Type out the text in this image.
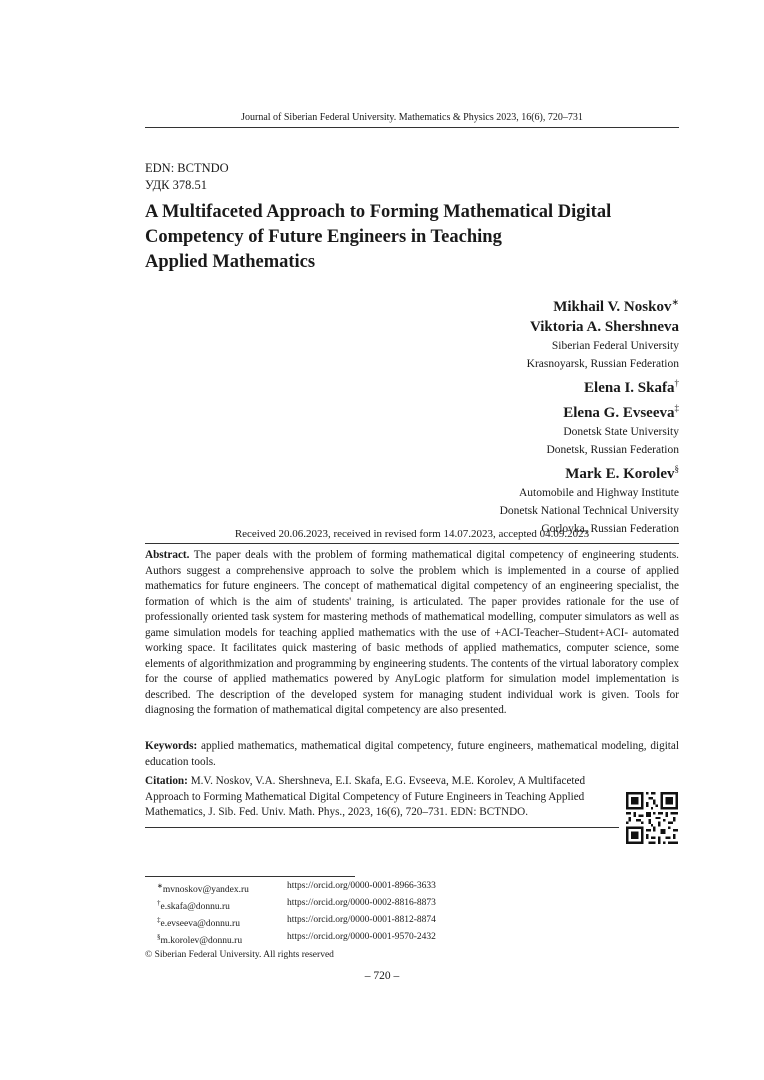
Journal of Siberian Federal University. Mathematics & Physics 2023, 16(6), 720–731
EDN: BCTNDO
УДК 378.51
A Multifaceted Approach to Forming Mathematical Digital
Competency of Future Engineers in Teaching
Applied Mathematics
Mikhail V. Noskov∗
Viktoria A. Shershneva
Siberian Federal University
Krasnoyarsk, Russian Federation
Elena I. Skafa†
Elena G. Evseeva‡
Donetsk State University
Donetsk, Russian Federation
Mark E. Korolev§
Automobile and Highway Institute
Donetsk National Technical University
Gorlovka, Russian Federation
Received 20.06.2023, received in revised form 14.07.2023, accepted 04.09.2023
Abstract. The paper deals with the problem of forming mathematical digital competency of engineering students. Authors suggest a comprehensive approach to solve the problem which is implemented in a course of applied mathematics for future engineers. The concept of mathematical digital competency of an engineering specialist, the formation of which is the aim of students' training, is articulated. The paper provides rationale for the use of professionally oriented task system for mastering methods of mathematical modelling, computer simulators as well as game simulation models for teaching applied mathematics with the use of +ACI-Teacher–Student+ACI- automated working space. It facilitates quick mastering of basic methods of applied mathematics, computer science, some elements of algorithmization and programming by engineering students. The contents of the virtual laboratory complex for the course of applied mathematics powered by AnyLogic platform for simulation model implementation is described. The description of the developed system for managing student individual work is given. Tools for diagnosing the formation of mathematical digital competency are also presented.
Keywords: applied mathematics, mathematical digital competency, future engineers, mathematical modeling, digital education tools.
Citation: M.V. Noskov, V.A. Shershneva, E.I. Skafa, E.G. Evseeva, M.E. Korolev, A Multifaceted Approach to Forming Mathematical Digital Competency of Future Engineers in Teaching Applied Mathematics, J. Sib. Fed. Univ. Math. Phys., 2023, 16(6), 720–731. EDN: BCTNDO.
∗mvnoskov@yandex.ru	https://orcid.org/0000-0001-8966-3633
†e.skafa@donnu.ru	https://orcid.org/0000-0002-8816-8873
‡e.evseeva@donnu.ru	https://orcid.org/0000-0001-8812-8874
§m.korolev@donnu.ru	https://orcid.org/0000-0001-9570-2432
© Siberian Federal University. All rights reserved
– 720 –
